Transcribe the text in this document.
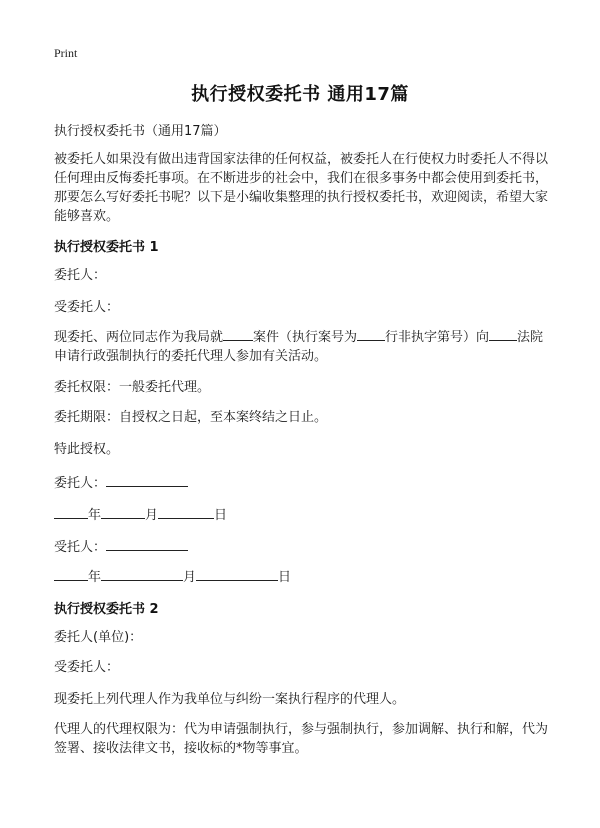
Print
执行授权委托书 通用17篇
执行授权委托书（通用17篇）
被委托人如果没有做出违背国家法律的任何权益，被委托人在行使权力时委托人不得以任何理由反悔委托事项。在不断进步的社会中，我们在很多事务中都会使用到委托书，那要怎么写好委托书呢？以下是小编收集整理的执行授权委托书，欢迎阅读，希望大家能够喜欢。
执行授权委托书 1
委托人：
受委托人：
现委托、两位同志作为我局就 案件（执行案号为 行非执字第号）向 法院申请行政强制执行的委托代理人参加有关活动。
委托权限：一般委托代理。
委托期限：自授权之日起，至本案终结之日止。
特此授权。
委托人：
年	月	日
受托人：
年	月	日
执行授权委托书 2
委托人(单位)：
受委托人：
现委托上列代理人作为我单位与纠纷一案执行程序的代理人。
代理人的代理权限为：代为申请强制执行，参与强制执行，参加调解、执行和解，代为签署、接收法律文书，接收标的*物等事宜。
